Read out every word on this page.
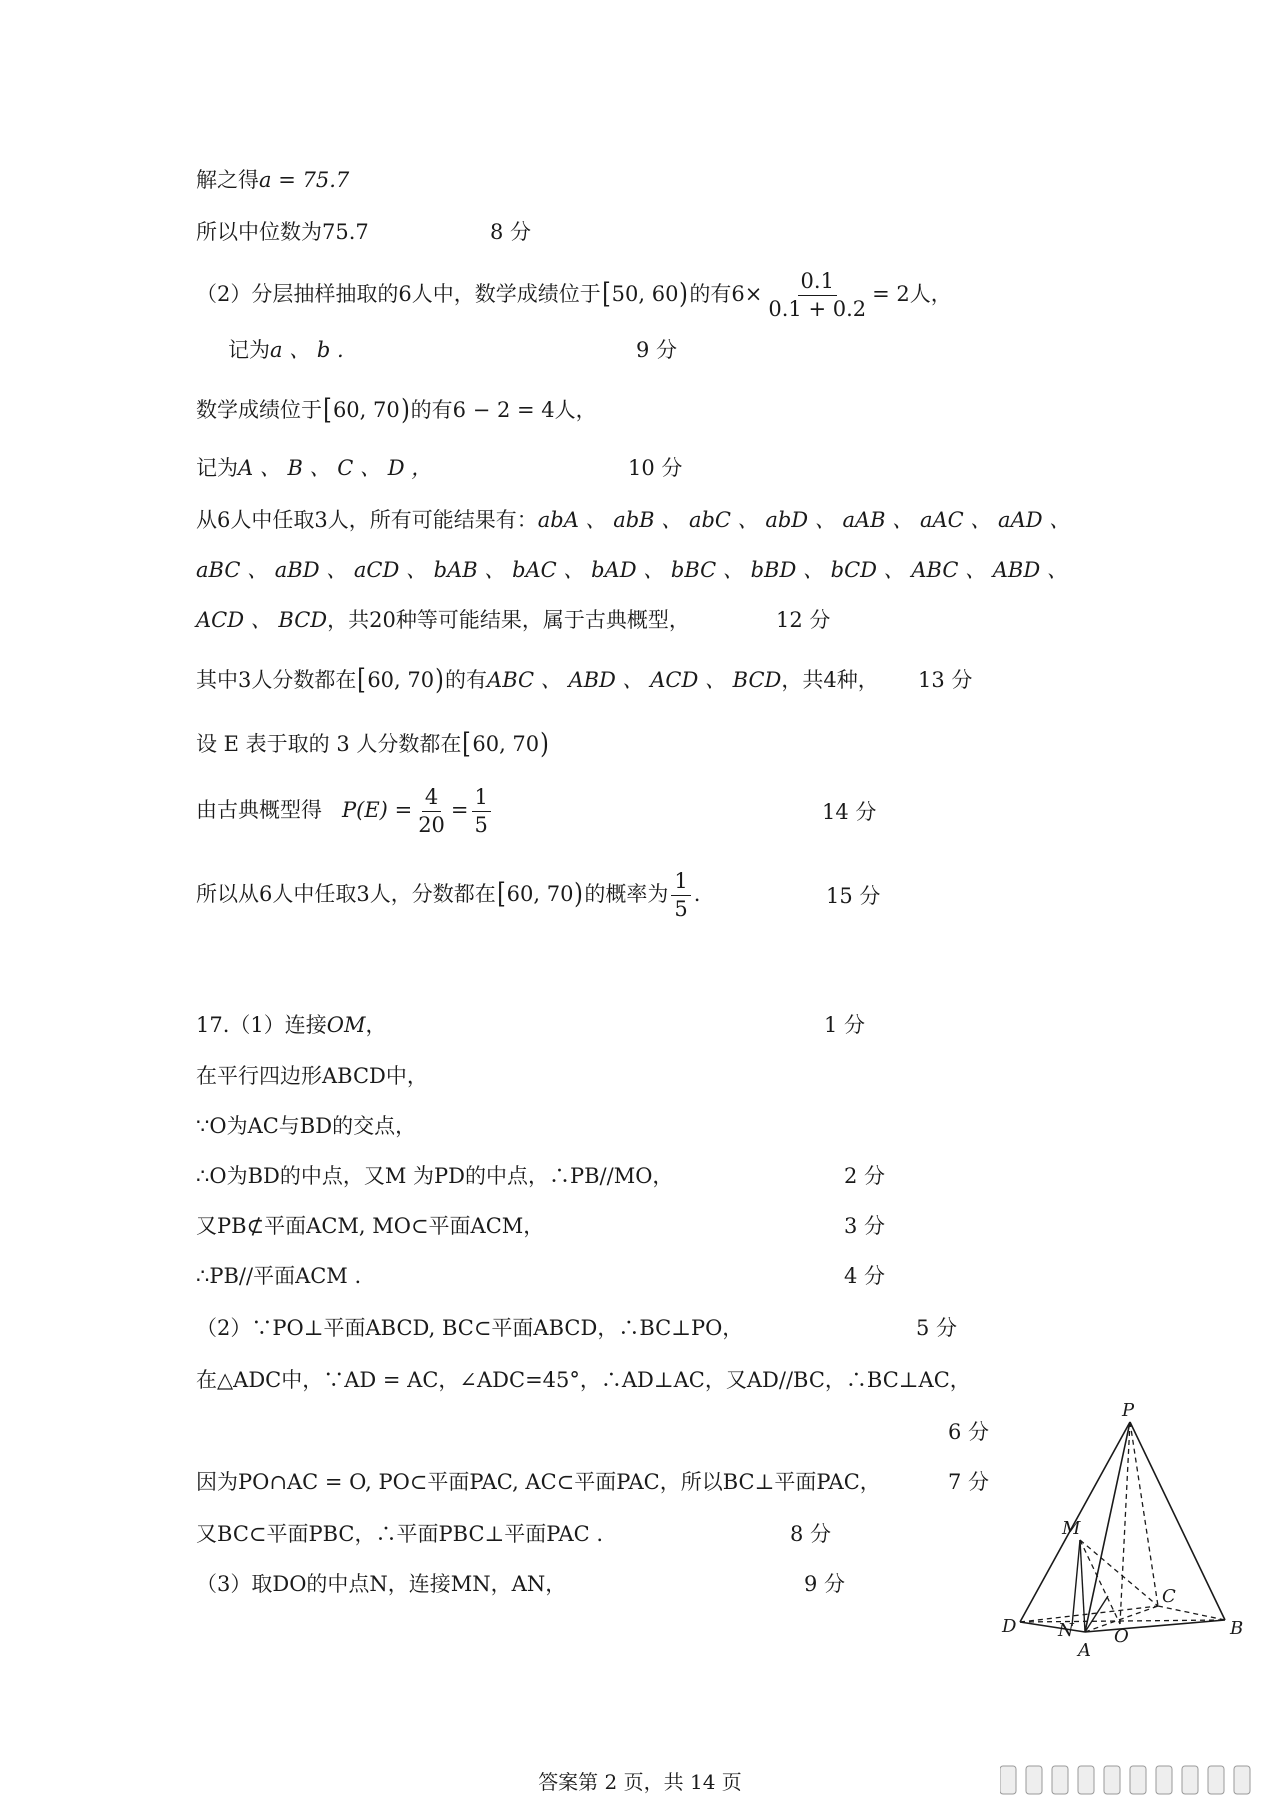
解之得a = 75.7
所以中位数为75.7	8 分
（2）分层抽样抽取的6人中，数学成绩位于[50, 60)的有$6\times \frac{0.1}{0.1 + 0.2} = 2$人，
记为a 、 b .	9 分
数学成绩位于[60, 70)的有6 − 2 = 4人，
记为A 、 B 、 C 、 D ，	10 分
从6人中任取3人，所有可能结果有：abA 、 abB 、 abC 、 abD 、 aAB 、 aAC 、 aAD 、
aBC 、 aBD 、 aCD 、 bAB 、 bAC 、 bAD 、 bBC 、 bBD 、 bCD 、 ABC 、 ABD 、
ACD 、 BCD，共20种等可能结果，属于古典概型，	12 分
其中3人分数都在[60, 70)的有ABC 、 ABD 、 ACD 、 BCD，共4种， 13 分
设 E 表于取的 3 人分数都在[60, 70)
由古典概型得 $P(E) = \frac{4}{20} = \frac{1}{5}$	14 分
所以从6人中任取3人，分数都在[60, 70)的概率为 $\frac{1}{5}$ .	15 分
17.（1）连接OM，	1 分
在平行四边形ABCD中，
∵O为AC与BD的交点，
∴O为BD的中点，又M 为PD的中点，∴PB//MO，	2 分
又PB⊄平面ACM, MO⊂平面ACM，	3 分
∴PB//平面ACM .	4 分
（2）∵PO⊥平面ABCD, BC⊂平面ABCD，∴BC⊥PO，	5 分
在△ADC中，∵AD = AC，∠ADC=45°，∴AD⊥AC，又AD//BC，∴BC⊥AC，
6 分
因为PO∩AC = O, PO⊂平面PAC, AC⊂平面PAC，所以BC⊥平面PAC，	7 分
又BC⊂平面PBC，∴平面PBC⊥平面PAC .	8 分
（3）取DO的中点N，连接MN，AN，	9 分
P
M
C
D N O	B
A
答案第 2 页，共 14 页
